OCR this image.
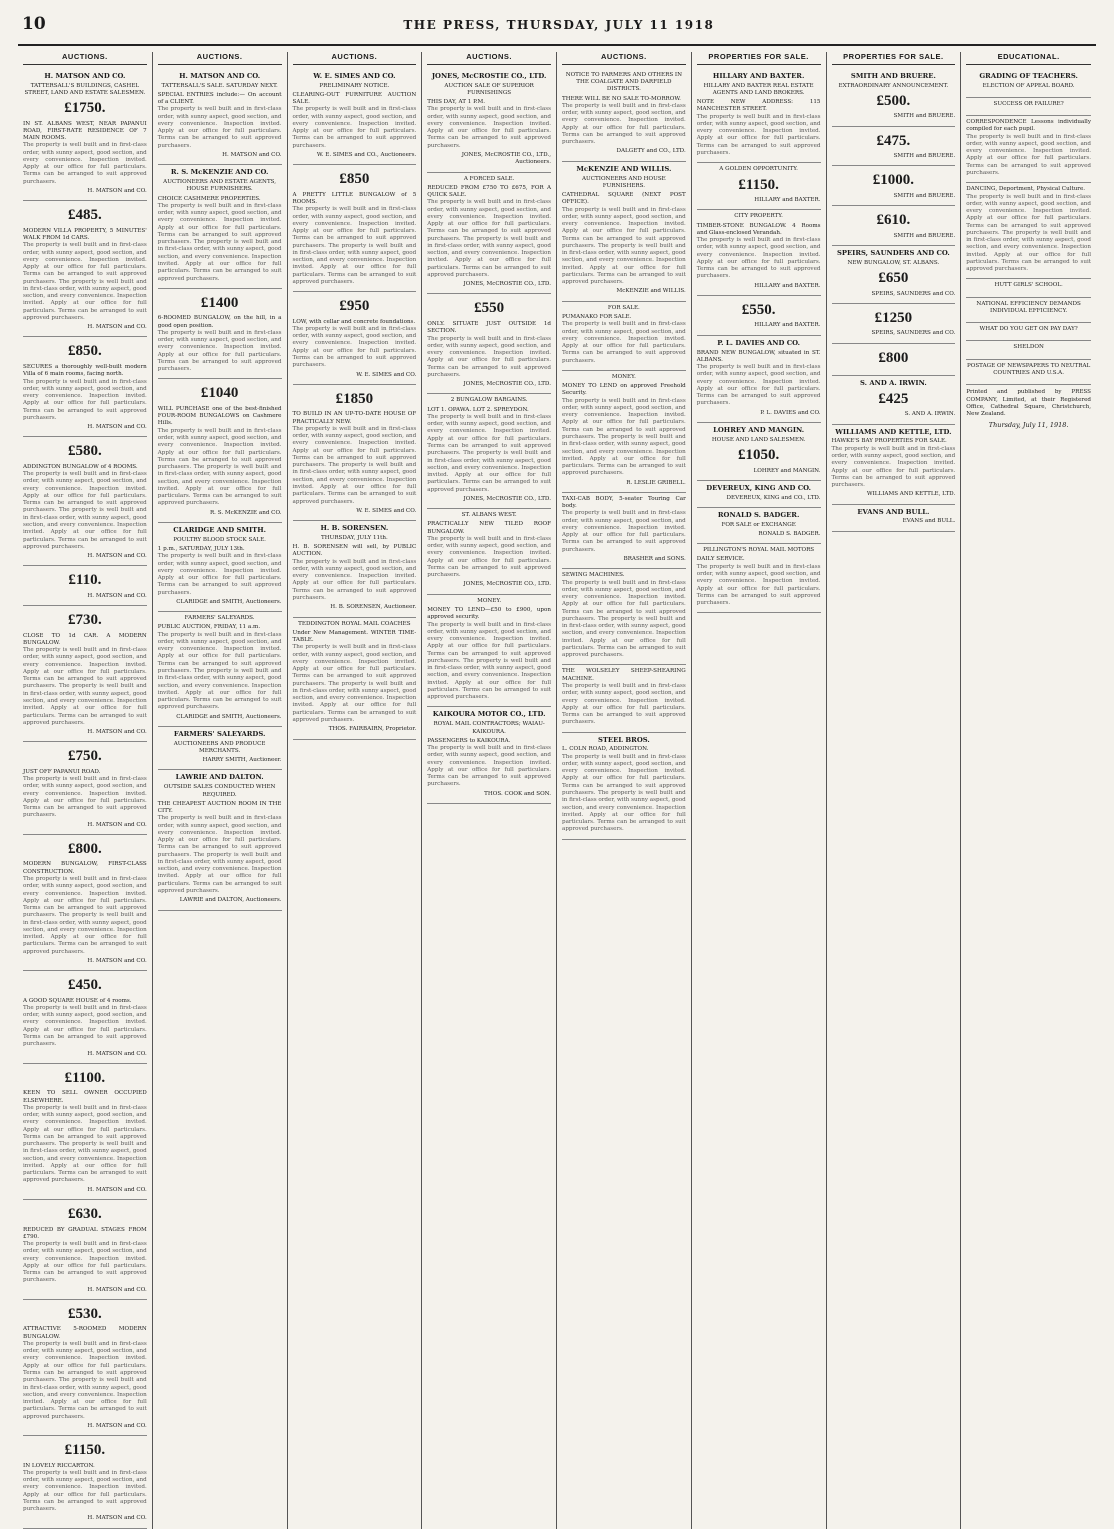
10	THE PRESS, THURSDAY, JULY 11 1918
AUCTIONS.
H. MATSON AND CO.
TATTERSALL'S BUILDINGS, CASHEL STREET, LAND AND ESTATE SALESMEN.
£1750.
IN ST. ALBANS WEST, NEAR PAPANUI ROAD, FIRST-RATE RESIDENCE OF 7 MAIN ROOMS.
The property is well built and in first-class order, with sunny aspect, good section, and every convenience. Inspection invited. Apply at our office for full particulars. Terms can be arranged to suit approved purchasers.
H. MATSON and CO.
£485.
MODERN VILLA PROPERTY, 5 MINUTES' WALK FROM 1d CARS.
The property is well built and in first-class order, with sunny aspect, good section, and every convenience. Inspection invited. Apply at our office for full particulars. Terms can be arranged to suit approved purchasers. The property is well built and in first-class order, with sunny aspect, good section, and every convenience. Inspection invited. Apply at our office for full particulars. Terms can be arranged to suit approved purchasers.
H. MATSON and CO.
£850.
SECURES a thoroughly well-built modern Villa of 6 main rooms, facing north.
The property is well built and in first-class order, with sunny aspect, good section, and every convenience. Inspection invited. Apply at our office for full particulars. Terms can be arranged to suit approved purchasers.
H. MATSON and CO.
£580.
ADDINGTON BUNGALOW of 4 ROOMS.
The property is well built and in first-class order, with sunny aspect, good section, and every convenience. Inspection invited. Apply at our office for full particulars. Terms can be arranged to suit approved purchasers. The property is well built and in first-class order, with sunny aspect, good section, and every convenience. Inspection invited. Apply at our office for full particulars. Terms can be arranged to suit approved purchasers.
H. MATSON and CO.
£110.
H. MATSON and CO.
£730.
CLOSE TO 1d CAR. A MODERN BUNGALOW.
The property is well built and in first-class order, with sunny aspect, good section, and every convenience. Inspection invited. Apply at our office for full particulars. Terms can be arranged to suit approved purchasers. The property is well built and in first-class order, with sunny aspect, good section, and every convenience. Inspection invited. Apply at our office for full particulars. Terms can be arranged to suit approved purchasers.
H. MATSON and CO.
£750.
JUST OFF PAPANUI ROAD.
The property is well built and in first-class order, with sunny aspect, good section, and every convenience. Inspection invited. Apply at our office for full particulars. Terms can be arranged to suit approved purchasers.
H. MATSON and CO.
£800.
MODERN BUNGALOW, FIRST-CLASS CONSTRUCTION.
The property is well built and in first-class order, with sunny aspect, good section, and every convenience. Inspection invited. Apply at our office for full particulars. Terms can be arranged to suit approved purchasers. The property is well built and in first-class order, with sunny aspect, good section, and every convenience. Inspection invited. Apply at our office for full particulars. Terms can be arranged to suit approved purchasers.
H. MATSON and CO.
£450.
A GOOD SQUARE HOUSE of 4 rooms.
The property is well built and in first-class order, with sunny aspect, good section, and every convenience. Inspection invited. Apply at our office for full particulars. Terms can be arranged to suit approved purchasers.
H. MATSON and CO.
£1100.
KEEN TO SELL OWNER OCCUPIED ELSEWHERE.
The property is well built and in first-class order, with sunny aspect, good section, and every convenience. Inspection invited. Apply at our office for full particulars. Terms can be arranged to suit approved purchasers. The property is well built and in first-class order, with sunny aspect, good section, and every convenience. Inspection invited. Apply at our office for full particulars. Terms can be arranged to suit approved purchasers.
H. MATSON and CO.
£630.
REDUCED BY GRADUAL STAGES FROM £790.
The property is well built and in first-class order, with sunny aspect, good section, and every convenience. Inspection invited. Apply at our office for full particulars. Terms can be arranged to suit approved purchasers.
H. MATSON and CO.
£530.
ATTRACTIVE 5-ROOMED MODERN BUNGALOW.
The property is well built and in first-class order, with sunny aspect, good section, and every convenience. Inspection invited. Apply at our office for full particulars. Terms can be arranged to suit approved purchasers. The property is well built and in first-class order, with sunny aspect, good section, and every convenience. Inspection invited. Apply at our office for full particulars. Terms can be arranged to suit approved purchasers.
H. MATSON and CO.
£1150.
IN LOVELY RICCARTON.
The property is well built and in first-class order, with sunny aspect, good section, and every convenience. Inspection invited. Apply at our office for full particulars. Terms can be arranged to suit approved purchasers.
H. MATSON and CO.
AUCTIONS.
H. MATSON AND CO.
TATTERSALL'S SALE. SATURDAY NEXT.
SPECIAL ENTRIES include:— On account of a CLIENT.
The property is well built and in first-class order, with sunny aspect, good section, and every convenience. Inspection invited. Apply at our office for full particulars. Terms can be arranged to suit approved purchasers.
H. MATSON and CO.
R. S. McKENZIE AND CO.
AUCTIONEERS AND ESTATE AGENTS, HOUSE FURNISHERS.
CHOICE CASHMERE PROPERTIES.
The property is well built and in first-class order, with sunny aspect, good section, and every convenience. Inspection invited. Apply at our office for full particulars. Terms can be arranged to suit approved purchasers. The property is well built and in first-class order, with sunny aspect, good section, and every convenience. Inspection invited. Apply at our office for full particulars. Terms can be arranged to suit approved purchasers.
£1400
6-ROOMED BUNGALOW, on the hill, in a good open position.
The property is well built and in first-class order, with sunny aspect, good section, and every convenience. Inspection invited. Apply at our office for full particulars. Terms can be arranged to suit approved purchasers.
£1040
WILL PURCHASE one of the best-finished FOUR-ROOM BUNGALOWS on Cashmere Hills.
The property is well built and in first-class order, with sunny aspect, good section, and every convenience. Inspection invited. Apply at our office for full particulars. Terms can be arranged to suit approved purchasers. The property is well built and in first-class order, with sunny aspect, good section, and every convenience. Inspection invited. Apply at our office for full particulars. Terms can be arranged to suit approved purchasers.
R. S. McKENZIE and CO.
CLARIDGE AND SMITH.
POULTRY BLOOD STOCK SALE.
1 p.m., SATURDAY, JULY 13th.
The property is well built and in first-class order, with sunny aspect, good section, and every convenience. Inspection invited. Apply at our office for full particulars. Terms can be arranged to suit approved purchasers.
CLARIDGE and SMITH, Auctioneers.
FARMERS' SALEYARDS.
PUBLIC AUCTION, FRIDAY, 11 a.m.
The property is well built and in first-class order, with sunny aspect, good section, and every convenience. Inspection invited. Apply at our office for full particulars. Terms can be arranged to suit approved purchasers. The property is well built and in first-class order, with sunny aspect, good section, and every convenience. Inspection invited. Apply at our office for full particulars. Terms can be arranged to suit approved purchasers.
CLARIDGE and SMITH, Auctioneers.
FARMERS' SALEYARDS.
AUCTIONEERS AND PRODUCE MERCHANTS.
HARRY SMITH, Auctioneer.
LAWRIE AND DALTON.
OUTSIDE SALES CONDUCTED WHEN REQUIRED.
THE CHEAPEST AUCTION ROOM IN THE CITY.
The property is well built and in first-class order, with sunny aspect, good section, and every convenience. Inspection invited. Apply at our office for full particulars. Terms can be arranged to suit approved purchasers. The property is well built and in first-class order, with sunny aspect, good section, and every convenience. Inspection invited. Apply at our office for full particulars. Terms can be arranged to suit approved purchasers.
LAWRIE and DALTON, Auctioneers.
AUCTIONS.
W. E. SIMES AND CO.
PRELIMINARY NOTICE.
CLEARING-OUT FURNITURE AUCTION SALE.
The property is well built and in first-class order, with sunny aspect, good section, and every convenience. Inspection invited. Apply at our office for full particulars. Terms can be arranged to suit approved purchasers.
W. E. SIMES and CO., Auctioneers.
£850
A PRETTY LITTLE BUNGALOW of 5 ROOMS.
The property is well built and in first-class order, with sunny aspect, good section, and every convenience. Inspection invited. Apply at our office for full particulars. Terms can be arranged to suit approved purchasers. The property is well built and in first-class order, with sunny aspect, good section, and every convenience. Inspection invited. Apply at our office for full particulars. Terms can be arranged to suit approved purchasers.
£950
LOW, with cellar and concrete foundations.
The property is well built and in first-class order, with sunny aspect, good section, and every convenience. Inspection invited. Apply at our office for full particulars. Terms can be arranged to suit approved purchasers.
W. E. SIMES and CO.
£1850
TO BUILD IN AN UP-TO-DATE HOUSE OF PRACTICALLY NEW.
The property is well built and in first-class order, with sunny aspect, good section, and every convenience. Inspection invited. Apply at our office for full particulars. Terms can be arranged to suit approved purchasers. The property is well built and in first-class order, with sunny aspect, good section, and every convenience. Inspection invited. Apply at our office for full particulars. Terms can be arranged to suit approved purchasers.
W. E. SIMES and CO.
H. B. SORENSEN.
THURSDAY, JULY 11th.
H. B. SORENSEN will sell, by PUBLIC AUCTION.
The property is well built and in first-class order, with sunny aspect, good section, and every convenience. Inspection invited. Apply at our office for full particulars. Terms can be arranged to suit approved purchasers.
H. B. SORENSEN, Auctioneer.
TEDDINGTON ROYAL MAIL COACHES
Under New Management. WINTER TIME-TABLE.
The property is well built and in first-class order, with sunny aspect, good section, and every convenience. Inspection invited. Apply at our office for full particulars. Terms can be arranged to suit approved purchasers. The property is well built and in first-class order, with sunny aspect, good section, and every convenience. Inspection invited. Apply at our office for full particulars. Terms can be arranged to suit approved purchasers.
THOS. FAIRBAIRN, Proprietor.
AUCTIONS.
JONES, McCROSTIE CO., LTD.
AUCTION SALE OF SUPERIOR FURNISHINGS
THIS DAY, AT 1 P.M.
The property is well built and in first-class order, with sunny aspect, good section, and every convenience. Inspection invited. Apply at our office for full particulars. Terms can be arranged to suit approved purchasers.
JONES, McCROSTIE CO., LTD., Auctioneers.
A FORCED SALE.
REDUCED FROM £750 TO £675, FOR A QUICK SALE.
The property is well built and in first-class order, with sunny aspect, good section, and every convenience. Inspection invited. Apply at our office for full particulars. Terms can be arranged to suit approved purchasers. The property is well built and in first-class order, with sunny aspect, good section, and every convenience. Inspection invited. Apply at our office for full particulars. Terms can be arranged to suit approved purchasers.
JONES, McCROSTIE CO., LTD.
£550
ONLY. SITUATE JUST OUTSIDE 1d SECTION.
The property is well built and in first-class order, with sunny aspect, good section, and every convenience. Inspection invited. Apply at our office for full particulars. Terms can be arranged to suit approved purchasers.
JONES, McCROSTIE CO., LTD.
2 BUNGALOW BARGAINS.
LOT 1. OPAWA. LOT 2. SPREYDON.
The property is well built and in first-class order, with sunny aspect, good section, and every convenience. Inspection invited. Apply at our office for full particulars. Terms can be arranged to suit approved purchasers. The property is well built and in first-class order, with sunny aspect, good section, and every convenience. Inspection invited. Apply at our office for full particulars. Terms can be arranged to suit approved purchasers.
JONES, McCROSTIE CO., LTD.
ST. ALBANS WEST.
PRACTICALLY NEW TILED ROOF BUNGALOW.
The property is well built and in first-class order, with sunny aspect, good section, and every convenience. Inspection invited. Apply at our office for full particulars. Terms can be arranged to suit approved purchasers.
JONES, McCROSTIE CO., LTD.
MONEY.
MONEY TO LEND—£50 to £900, upon approved security.
The property is well built and in first-class order, with sunny aspect, good section, and every convenience. Inspection invited. Apply at our office for full particulars. Terms can be arranged to suit approved purchasers. The property is well built and in first-class order, with sunny aspect, good section, and every convenience. Inspection invited. Apply at our office for full particulars. Terms can be arranged to suit approved purchasers.
KAIKOURA MOTOR CO., LTD.
ROYAL MAIL CONTRACTORS; WAIAU-KAIKOURA.
PASSENGERS to KAIKOURA.
The property is well built and in first-class order, with sunny aspect, good section, and every convenience. Inspection invited. Apply at our office for full particulars. Terms can be arranged to suit approved purchasers.
THOS. COOK and SON.
AUCTIONS.
NOTICE TO FARMERS AND OTHERS IN THE COALGATE AND DARFIELD DISTRICTS.
THERE WILL BE NO SALE TO-MORROW.
The property is well built and in first-class order, with sunny aspect, good section, and every convenience. Inspection invited. Apply at our office for full particulars. Terms can be arranged to suit approved purchasers.
DALGETY and CO., LTD.
McKENZIE AND WILLIS.
AUCTIONEERS AND HOUSE FURNISHERS.
CATHEDRAL SQUARE (NEXT POST OFFICE).
The property is well built and in first-class order, with sunny aspect, good section, and every convenience. Inspection invited. Apply at our office for full particulars. Terms can be arranged to suit approved purchasers. The property is well built and in first-class order, with sunny aspect, good section, and every convenience. Inspection invited. Apply at our office for full particulars. Terms can be arranged to suit approved purchasers.
McKENZIE and WILLIS.
FOR SALE.
PUMANAKO FOR SALE.
The property is well built and in first-class order, with sunny aspect, good section, and every convenience. Inspection invited. Apply at our office for full particulars. Terms can be arranged to suit approved purchasers.
MONEY.
MONEY TO LEND on approved Freehold Security.
The property is well built and in first-class order, with sunny aspect, good section, and every convenience. Inspection invited. Apply at our office for full particulars. Terms can be arranged to suit approved purchasers. The property is well built and in first-class order, with sunny aspect, good section, and every convenience. Inspection invited. Apply at our office for full particulars. Terms can be arranged to suit approved purchasers.
R. LESLIE GRIBELL.
TAXI-CAB BODY, 5-seater Touring Car body.
The property is well built and in first-class order, with sunny aspect, good section, and every convenience. Inspection invited. Apply at our office for full particulars. Terms can be arranged to suit approved purchasers.
BRASHER and SONS.
SEWING MACHINES.
The property is well built and in first-class order, with sunny aspect, good section, and every convenience. Inspection invited. Apply at our office for full particulars. Terms can be arranged to suit approved purchasers. The property is well built and in first-class order, with sunny aspect, good section, and every convenience. Inspection invited. Apply at our office for full particulars. Terms can be arranged to suit approved purchasers.
THE WOLSELEY SHEEP-SHEARING MACHINE.
The property is well built and in first-class order, with sunny aspect, good section, and every convenience. Inspection invited. Apply at our office for full particulars. Terms can be arranged to suit approved purchasers.
STEEL BROS.
L. COLN ROAD, ADDINGTON.
The property is well built and in first-class order, with sunny aspect, good section, and every convenience. Inspection invited. Apply at our office for full particulars. Terms can be arranged to suit approved purchasers. The property is well built and in first-class order, with sunny aspect, good section, and every convenience. Inspection invited. Apply at our office for full particulars. Terms can be arranged to suit approved purchasers.
PROPERTIES FOR SALE.
HILLARY AND BAXTER.
HILLARY AND BAXTER REAL ESTATE AGENTS AND LAND BROKERS.
NOTE NEW ADDRESS: 115 MANCHESTER STREET.
The property is well built and in first-class order, with sunny aspect, good section, and every convenience. Inspection invited. Apply at our office for full particulars. Terms can be arranged to suit approved purchasers.
A GOLDEN OPPORTUNITY.
£1150.
HILLARY and BAXTER.
CITY PROPERTY.
TIMBER-STONE BUNGALOW. 4 Rooms and Glass-enclosed Verandah.
The property is well built and in first-class order, with sunny aspect, good section, and every convenience. Inspection invited. Apply at our office for full particulars. Terms can be arranged to suit approved purchasers.
HILLARY and BAXTER.
£550.
HILLARY and BAXTER.
P. L. DAVIES AND CO.
BRAND NEW BUNGALOW, situated in ST. ALBANS.
The property is well built and in first-class order, with sunny aspect, good section, and every convenience. Inspection invited. Apply at our office for full particulars. Terms can be arranged to suit approved purchasers.
P. L. DAVIES and CO.
LOHREY AND MANGIN.
HOUSE AND LAND SALESMEN.
£1050.
LOHREY and MANGIN.
DEVEREUX, KING AND CO.
DEVEREUX, KING and CO., LTD.
RONALD S. BADGER.
FOR SALE or EXCHANGE
RONALD S. BADGER.
PILLINGTON'S ROYAL MAIL MOTORS
DAILY SERVICE.
The property is well built and in first-class order, with sunny aspect, good section, and every convenience. Inspection invited. Apply at our office for full particulars. Terms can be arranged to suit approved purchasers.
PROPERTIES FOR SALE.
SMITH AND BRUERE.
EXTRAORDINARY ANNOUNCEMENT.
£500.
SMITH and BRUERE.
£475.
SMITH and BRUERE.
£1000.
SMITH and BRUERE.
£610.
SMITH and BRUERE.
SPEIRS, SAUNDERS AND CO.
NEW BUNGALOW, ST. ALBANS.
£650
SPEIRS, SAUNDERS and CO.
£1250
SPEIRS, SAUNDERS and CO.
£800
S. AND A. IRWIN.
£425
S. AND A. IRWIN.
WILLIAMS AND KETTLE, LTD.
HAWKE'S BAY PROPERTIES FOR SALE.
The property is well built and in first-class order, with sunny aspect, good section, and every convenience. Inspection invited. Apply at our office for full particulars. Terms can be arranged to suit approved purchasers.
WILLIAMS AND KETTLE, LTD.
EVANS AND BULL.
EVANS and BULL.
EDUCATIONAL.
GRADING OF TEACHERS.
ELECTION OF APPEAL BOARD.
SUCCESS OR FAILURE?
CORRESPONDENCE Lessons individually compiled for each pupil.
The property is well built and in first-class order, with sunny aspect, good section, and every convenience. Inspection invited. Apply at our office for full particulars. Terms can be arranged to suit approved purchasers.
DANCING, Deportment, Physical Culture.
The property is well built and in first-class order, with sunny aspect, good section, and every convenience. Inspection invited. Apply at our office for full particulars. Terms can be arranged to suit approved purchasers. The property is well built and in first-class order, with sunny aspect, good section, and every convenience. Inspection invited. Apply at our office for full particulars. Terms can be arranged to suit approved purchasers.
HUTT GIRLS' SCHOOL.
NATIONAL EFFICIENCY DEMANDS INDIVIDUAL EFFICIENCY.
WHAT DO YOU GET ON PAY DAY?
SHELDON
POSTAGE OF NEWSPAPERS TO NEUTRAL COUNTRIES AND U.S.A.
Printed and published by PRESS COMPANY, Limited, at their Registered Office, Cathedral Square, Christchurch, New Zealand.
Thursday, July 11, 1918.
